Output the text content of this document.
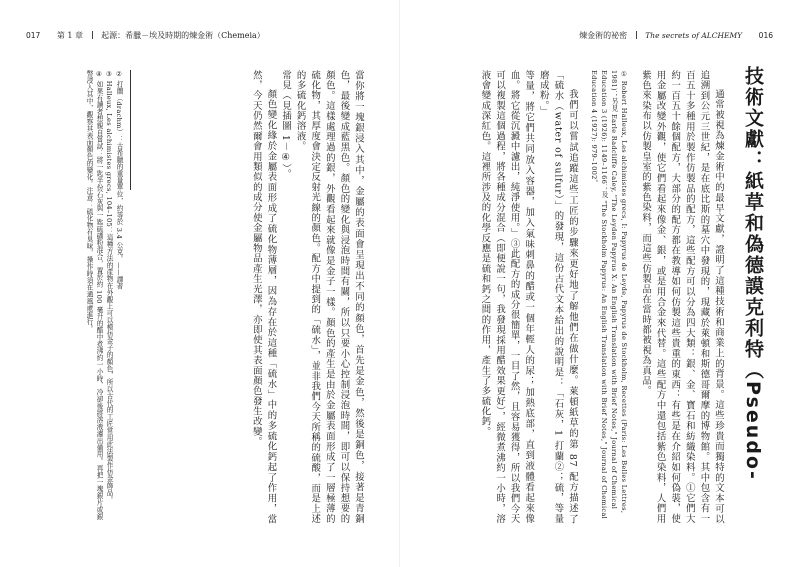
017 第 1 章 起源：希臘－埃及時期的煉金術（Chemeia）	煉金術的祕密 The secrets of ALCHEMY 016
技術文獻：紙草和偽德謨克利特（Pseudo-

通常被視為煉金術中的最早文獻，證明了這種技術和商業上的背景。這些珍貴而獨特的文本可以追溯到公元三世紀，是在底比斯的墓穴中發現的，現藏於萊頓和斯德哥爾摩的博物館。其中包含有一百五十多種用於製作仿製品的配方，這些配方可以分為四大類：銀、金、寶石和紡織染料。①它們大約一百五十餘個配方，大部分的配方都在教導如何仿製這些貴重的東西：有些是在介紹如何偽裝，使用金屬改變外觀，使它們看起來像金、銀，或是用合金來代替。這些配方中還包括紫色染料，人們用紫色來染布以仿製皇室的紫色染料，而這些仿製品在當時都被視為真品。

① Robert Halleux, Les alchimistes grecs, I: Papyrus de Leyde, Papyrus de Stockholm, Recettes (Paris: Les Belles Lettres, 1981)；另見 Earle Radcliffe Caley, "The Leyden Papyrus X: An English Translation with Brief Notes," Journal of Chemical Education 3 (1926): 1149–1166；及 "The Stockholm Papyrus: An English Translation with Brief Notes," Journal of Chemical Education 4 (1927): 979–1002。

我們可以嘗試追蹤這些工匠的步驟來更好地了解他們在做什麼。萊頓紙草的第 87 配方描述了「硫水（water of sulfur）」的發現，這份古代文本給出的說明是：「石灰，1 打蘭②；硫，等量磨成粉。」

等量，將它們共同放入容器，加入氣味刺鼻的醋或一個年輕人的尿；加熱底部，直到液體看起來像血。將它從沉澱中濾出，純淨使用。」③此配方的成分很簡單，一目了然，且容易獲得，所以我們今天可以複製這個過程，將各種成分混合（即便說一句，我發現採用醋效果更好），經微煮沸約一小時，溶液會變成深紅色。這裡所涉及的化學反應是硫和鈣之間的作用，產生了多硫化鈣。

當你將一塊銀浸入其中，金屬的表面會呈現出不同的顏色，首先是金色，然後是銅色，接著是青銅色，最後變成藍黑色。顏色的變化與浸泡時間有關，所以只要小心控制浸泡時間，即可以保持想要的顏色。這樣處理過的銀，外觀看起來就像是金子一樣。顏色的產生是由於金屬表面形成了一層極薄的硫化物，其厚度會決定反射光線的顏色。配方中提到的「硫水」，並非我們今天所稱的硫酸，而是上述的多硫化鈣溶液。

常見（見插圖 1－④）。

顏色變化緣於金屬表面形成了硫化物薄層，因為存在於這種「硫水」中的多硫化鈣起了作用，當然，今天仍然爾會用類似的成分使金屬物品產生光澤，亦即使其表面顏色發生改變。

② 打蘭（drachm）：古希臘的重量單位，約等於 3.4 公克。——譯者

③ Halleux, Les alchimistes grecs, 104–105：這種方法的產物在外觀上可以模仿金子的顏色，所以古代的工匠常用此法製作仿金飾品。

④ 如果有讀者想親自嘗試：將一匙半份石灰與一匙硫磺粉混合，置於約 100 毫升的醋中煮沸約一小時，冷卻後將溶液濾出備用。再把一塊銀片或銀幣浸入其中，觀察其表面顏色的變化。注意：硫化物有臭味，操作時須在通風處進行。
